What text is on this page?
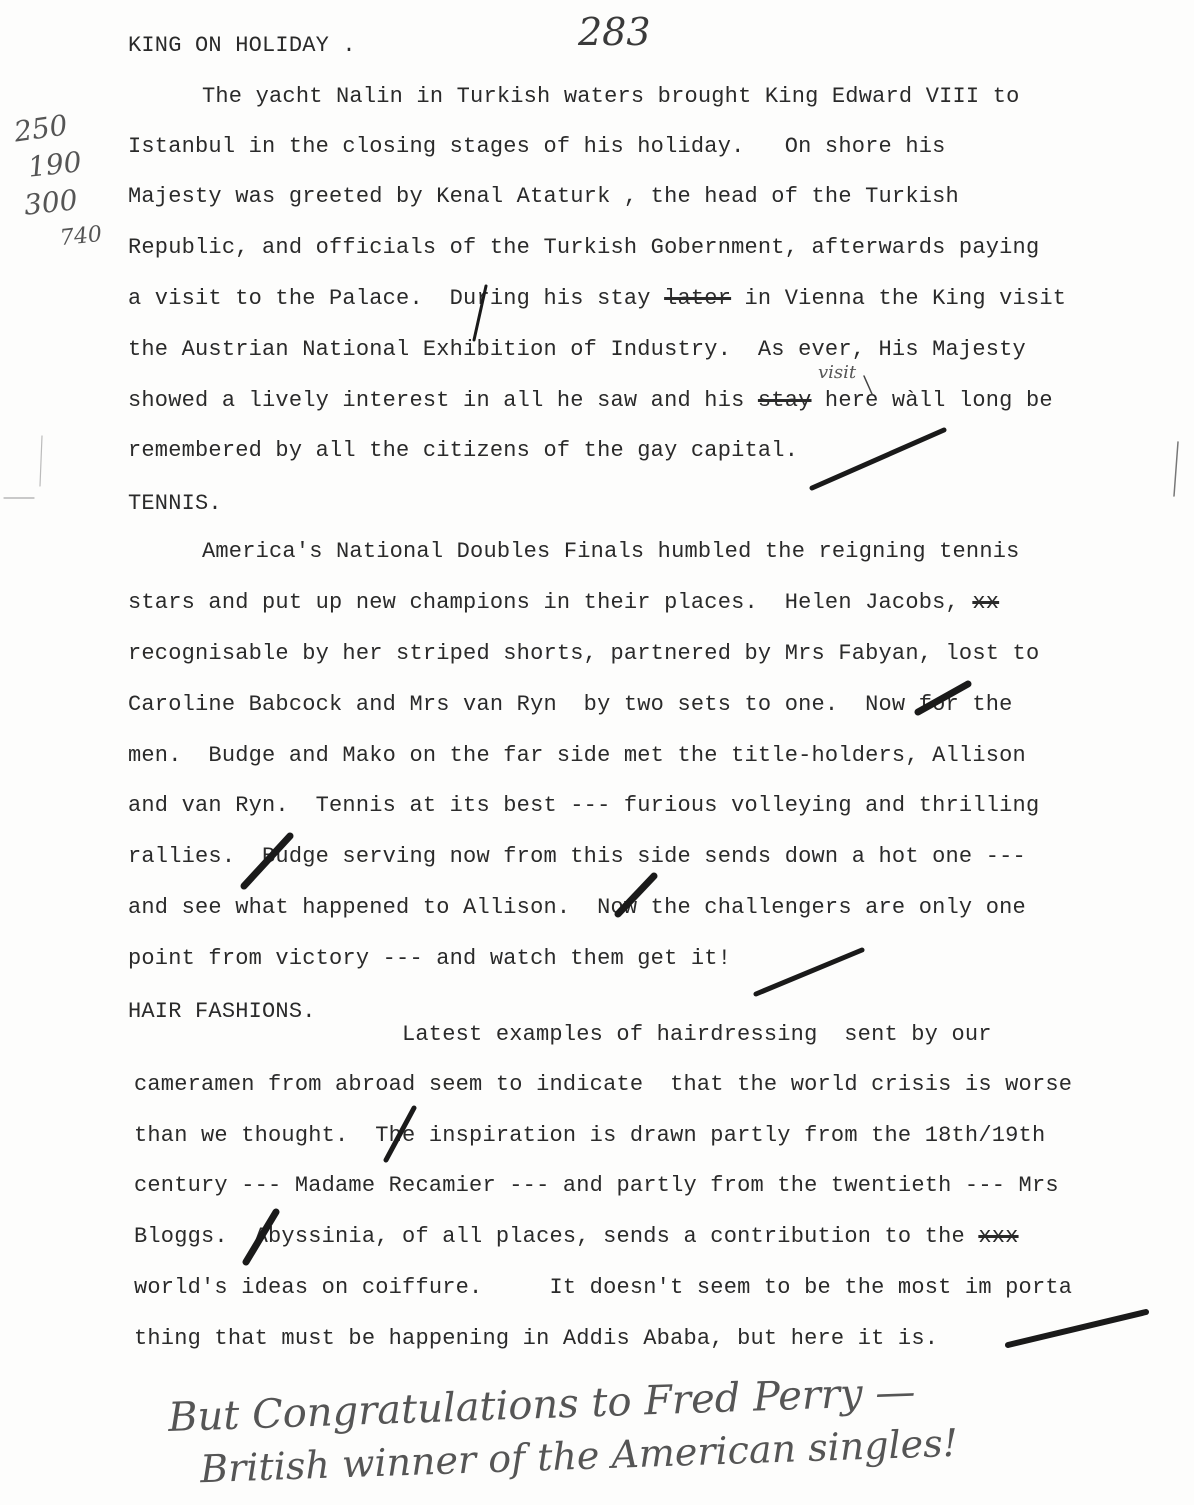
283
250
190
300
740
KING ON HOLIDAY .
The yacht Nalin in Turkish waters brought King Edward VIII to
Istanbul in the closing stages of his holiday.   On shore his
Majesty was greeted by Kenal Ataturk , the head of the Turkish
Republic, and officials of the Turkish Gobernment, afterwards paying
a visit to the Palace.  During his stay later in Vienna the King visit
the Austrian National Exhibition of Industry.  As ever, His Majesty
visit
showed a lively interest in all he saw and his stay here wàll long be
remembered by all the citizens of the gay capital.
TENNIS.
America's National Doubles Finals humbled the reigning tennis
stars and put up new champions in their places.  Helen Jacobs, xx
recognisable by her striped shorts, partnered by Mrs Fabyan, lost to
Caroline Babcock and Mrs van Ryn  by two sets to one.  Now for the
men.  Budge and Mako on the far side met the title-holders, Allison
and van Ryn.  Tennis at its best --- furious volleying and thrilling
rallies.  Budge serving now from this side sends down a hot one ---
and see what happened to Allison.  Now the challengers are only one
point from victory --- and watch them get it!
HAIR FASHIONS.
Latest examples of hairdressing  sent by our
cameramen from abroad seem to indicate  that the world crisis is worse
than we thought.  The inspiration is drawn partly from the 18th/19th
century --- Madame Recamier --- and partly from the twentieth --- Mrs
Bloggs.  Abyssinia, of all places, sends a contribution to the xxx
world's ideas on coiffure.     It doesn't seem to be the most im porta
thing that must be happening in Addis Ababa, but here it is.
But Congratulations to Fred Perry —
British winner of the American singles!
